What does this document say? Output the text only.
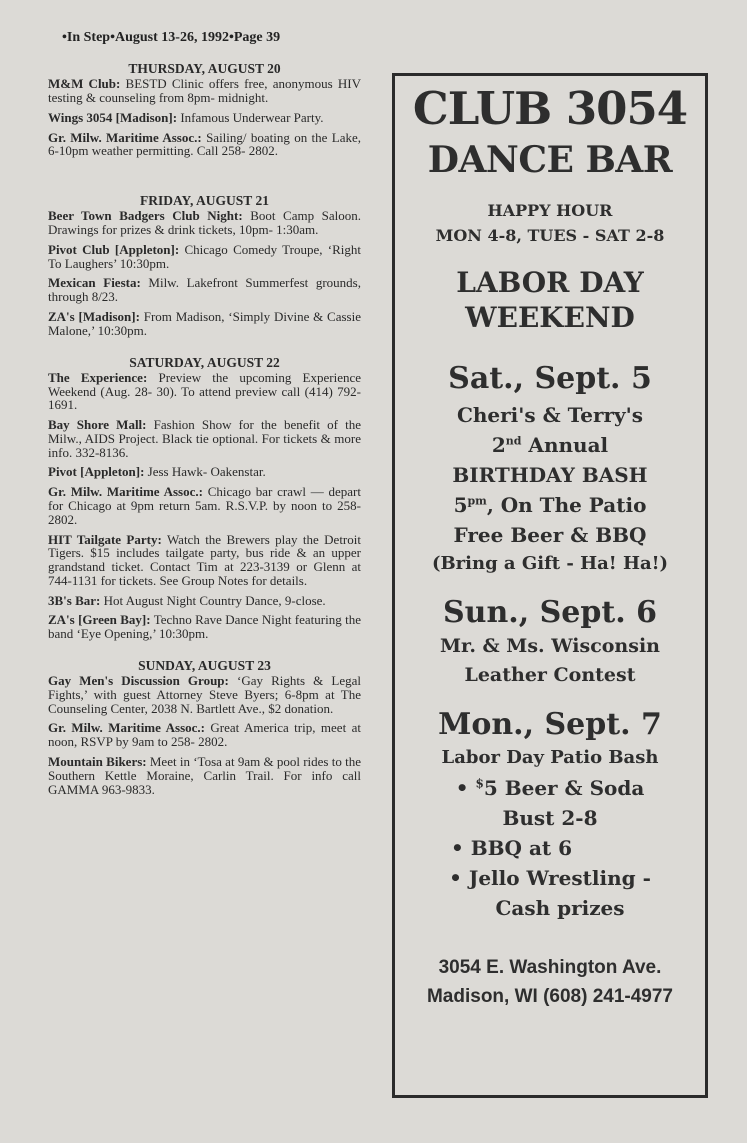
•In Step•August 13-26, 1992•Page 39
THURSDAY, AUGUST 20
M&M Club: BESTD Clinic offers free, anonymous HIV testing & counseling from 8pm- midnight.
Wings 3054 [Madison]: Infamous Underwear Party.
Gr. Milw. Maritime Assoc.: Sailing/ boating on the Lake, 6-10pm weather permitting. Call 258- 2802.
FRIDAY, AUGUST 21
Beer Town Badgers Club Night: Boot Camp Saloon. Drawings for prizes & drink tickets, 10pm- 1:30am.
Pivot Club [Appleton]: Chicago Comedy Troupe, ‘Right To Laughers’ 10:30pm.
Mexican Fiesta: Milw. Lakefront Summerfest grounds, through 8/23.
ZA's [Madison]: From Madison, ‘Simply Divine & Cassie Malone,’ 10:30pm.
SATURDAY, AUGUST 22
The Experience: Preview the upcoming Experience Weekend (Aug. 28- 30). To attend preview call (414) 792- 1691.
Bay Shore Mall: Fashion Show for the benefit of the Milw., AIDS Project. Black tie optional. For tickets & more info. 332-8136.
Pivot [Appleton]: Jess Hawk- Oakenstar.
Gr. Milw. Maritime Assoc.: Chicago bar crawl — depart for Chicago at 9pm return 5am. R.S.V.P. by noon to 258- 2802.
HIT Tailgate Party: Watch the Brewers play the Detroit Tigers. $15 includes tailgate party, bus ride & an upper grandstand ticket. Contact Tim at 223-3139 or Glenn at 744-1131 for tickets. See Group Notes for details.
3B's Bar: Hot August Night Country Dance, 9-close.
ZA's [Green Bay]: Techno Rave Dance Night featuring the band ‘Eye Opening,’ 10:30pm.
SUNDAY, AUGUST 23
Gay Men's Discussion Group: ‘Gay Rights & Legal Fights,’ with guest Attorney Steve Byers; 6-8pm at The Counseling Center, 2038 N. Bartlett Ave., $2 donation.
Gr. Milw. Maritime Assoc.: Great America trip, meet at noon, RSVP by 9am to 258- 2802.
Mountain Bikers: Meet in ‘Tosa at 9am & pool rides to the Southern Kettle Moraine, Carlin Trail. For info call GAMMA 963-9833.
CLUB 3054
DANCE BAR
HAPPY HOUR
MON 4-8, TUES - SAT 2-8
LABOR DAY
WEEKEND
Sat., Sept. 5
Cheri's & Terry's
2nd Annual
BIRTHDAY BASH
$5^{pm}$, On The Patio
Free Beer & BBQ
(Bring a Gift - Ha! Ha!)
Sun., Sept. 6
Mr. & Ms. Wisconsin
Leather Contest
Mon., Sept. 7
Labor Day Patio Bash
• $5 Beer & Soda
Bust 2-8
• BBQ at 6
• Jello Wrestling -
Cash prizes
3054 E. Washington Ave.
Madison, WI (608) 241-4977
